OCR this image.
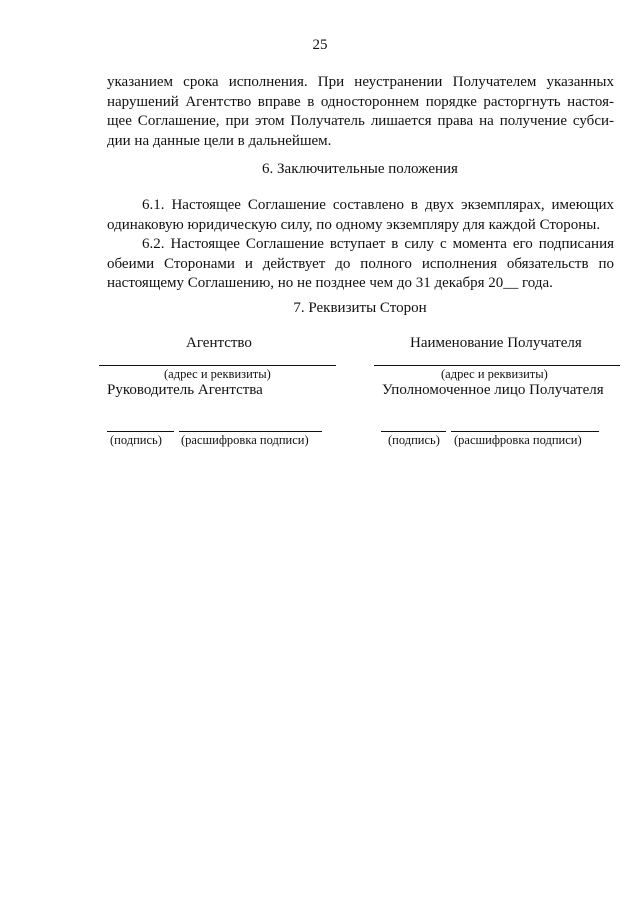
25
указанием срока исполнения. При неустранении Получателем указанных
нарушений Агентство вправе в одностороннем порядке расторгнуть настоя-
щее Соглашение, при этом Получатель лишается права на получение субси-
дии на данные цели в дальнейшем.
6. Заключительные положения
6.1. Настоящее Соглашение составлено в двух экземплярах, имеющих
одинаковую юридическую силу, по одному экземпляру для каждой Стороны.
6.2. Настоящее Соглашение вступает в силу с момента его подписания
обеими Сторонами и действует до полного исполнения обязательств по
настоящему Соглашению, но не позднее чем до 31 декабря 20__ года.
7. Реквизиты Сторон
Агентство
(адрес и реквизиты)
Руководитель Агентства
(подпись) (расшифровка подписи)
Наименование Получателя
(адрес и реквизиты)
Уполномоченное лицо Получателя
(подпись) (расшифровка подписи)
